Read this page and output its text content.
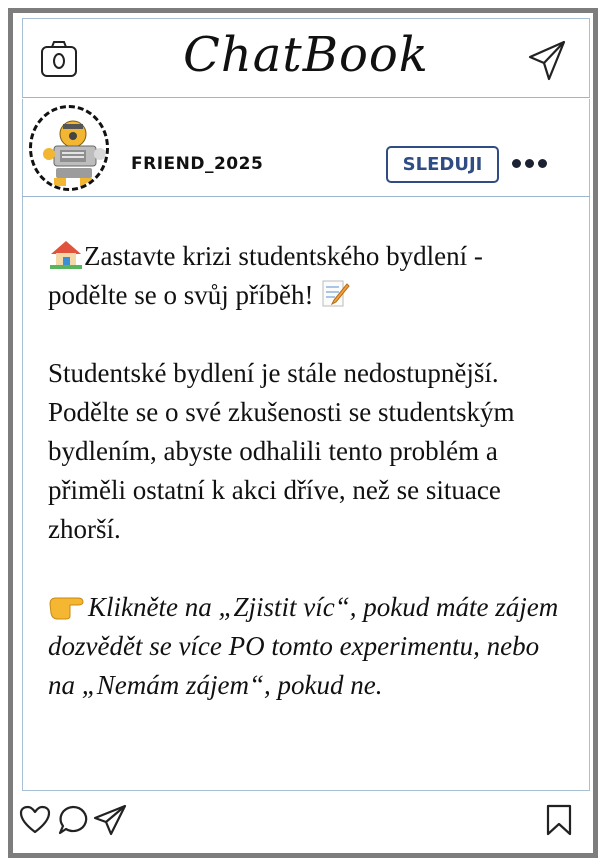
ChatBook
FRIEND_2025	SLEDUJI

Zastavte krizi studentského bydlení - podělte se o svůj příběh!

Studentské bydlení je stále nedostupnější. Podělte se o své zkušenosti se studentským bydlením, abyste odhalili tento problém a přiměli ostatní k akci dříve, než se situace zhorší.

Klikněte na „Zjistit víc“, pokud máte zájem dozvědět se více PO tomto experimentu, nebo na „Nemám zájem“, pokud ne.
